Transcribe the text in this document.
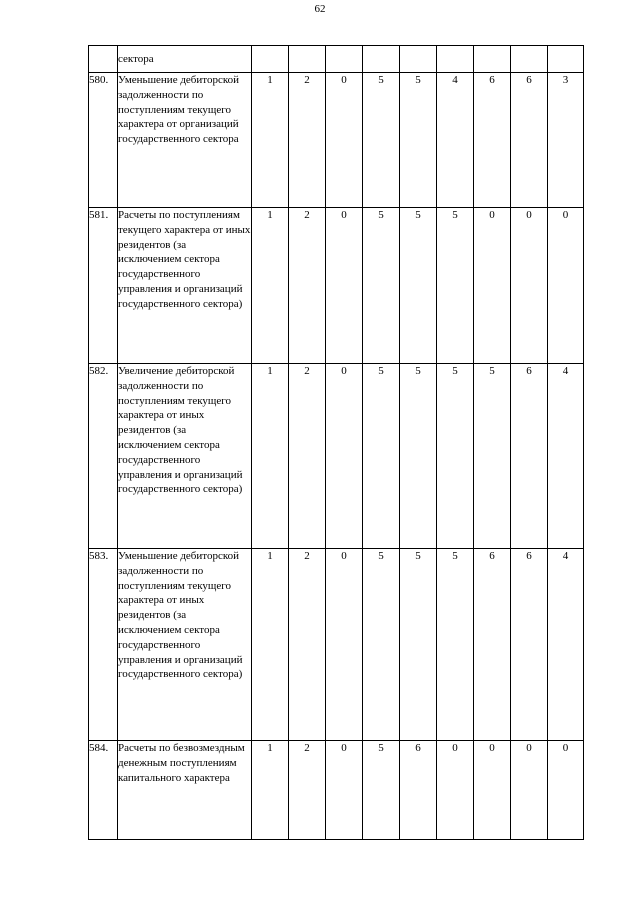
62
	сектора									
580.	Уменьшение дебиторской задолженности по поступлениям текущего характера от организаций государственного сектора	1	2	0	5	5	4	6	6	3
581.	Расчеты по поступлениям текущего характера от иных резидентов (за исключением сектора государственного управления и организаций государственного сектора)	1	2	0	5	5	5	0	0	0
582.	Увеличение дебиторской задолженности по поступлениям текущего характера от иных резидентов (за исключением сектора государственного управления и организаций государственного сектора)	1	2	0	5	5	5	5	6	4
583.	Уменьшение дебиторской задолженности по поступлениям текущего характера от иных резидентов (за исключением сектора государственного управления и организаций государственного сектора)	1	2	0	5	5	5	6	6	4
584.	Расчеты по безвозмездным денежным поступлениям капитального характера	1	2	0	5	6	0	0	0	0
